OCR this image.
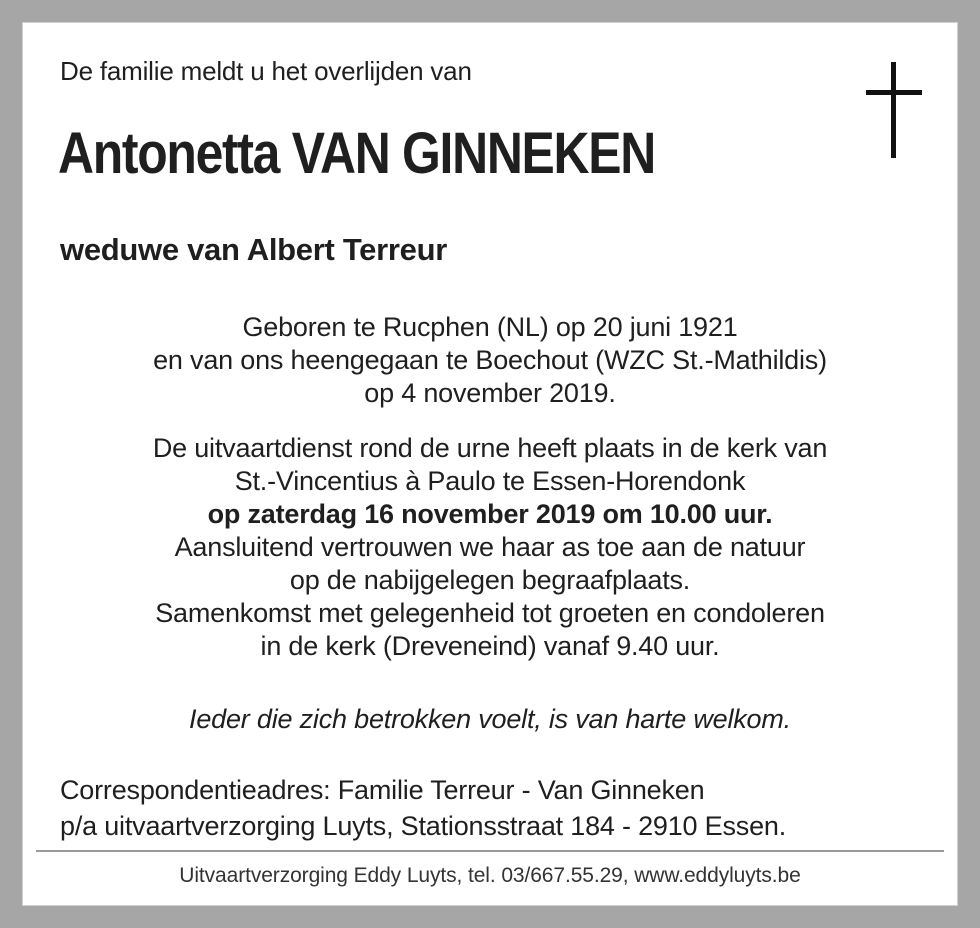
De familie meldt u het overlijden van
Antonetta VAN GINNEKEN
weduwe van Albert Terreur
Geboren te Rucphen (NL) op 20 juni 1921
en van ons heengegaan te Boechout (WZC St.-Mathildis)
op 4 november 2019.
De uitvaartdienst rond de urne heeft plaats in de kerk van
St.-Vincentius à Paulo te Essen-Horendonk
op zaterdag 16 november 2019 om 10.00 uur.
Aansluitend vertrouwen we haar as toe aan de natuur
op de nabijgelegen begraafplaats.
Samenkomst met gelegenheid tot groeten en condoleren
in de kerk (Dreveneind) vanaf 9.40 uur.
Ieder die zich betrokken voelt, is van harte welkom.
Correspondentieadres: Familie Terreur - Van Ginneken
p/a uitvaartverzorging Luyts, Stationsstraat 184 - 2910 Essen.
Uitvaartverzorging Eddy Luyts, tel. 03/667.55.29, www.eddyluyts.be
